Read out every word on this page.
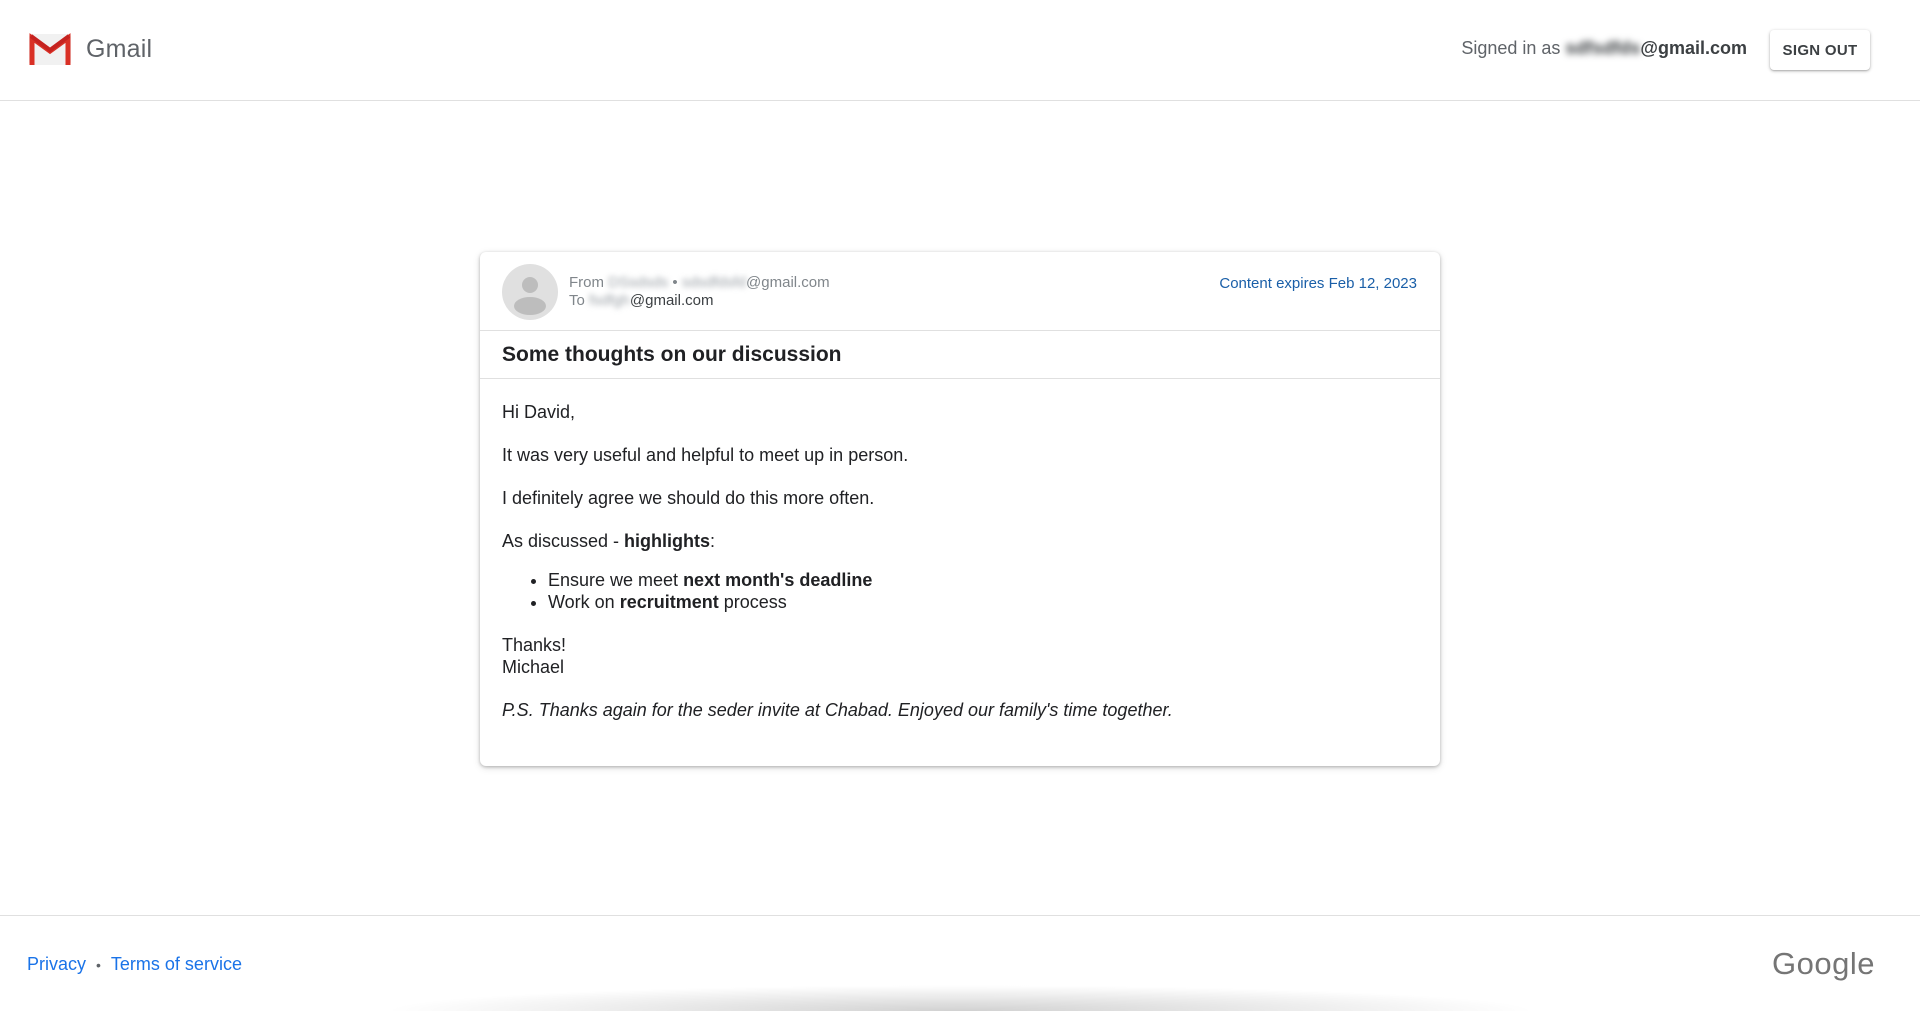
Gmail	Signed in as sdfsdfds@gmail.com	SIGN OUT
From DSsdsds • sdsdfdsfd@gmail.com
To fsdfgh@gmail.com
Content expires Feb 12, 2023
Some thoughts on our discussion

Hi David,

It was very useful and helpful to meet up in person.

I definitely agree we should do this more often.

As discussed - highlights:

• Ensure we meet next month's deadline
• Work on recruitment process

Thanks!
Michael

P.S. Thanks again for the seder invite at Chabad. Enjoyed our family's time together.

Privacy • Terms of service	Google
